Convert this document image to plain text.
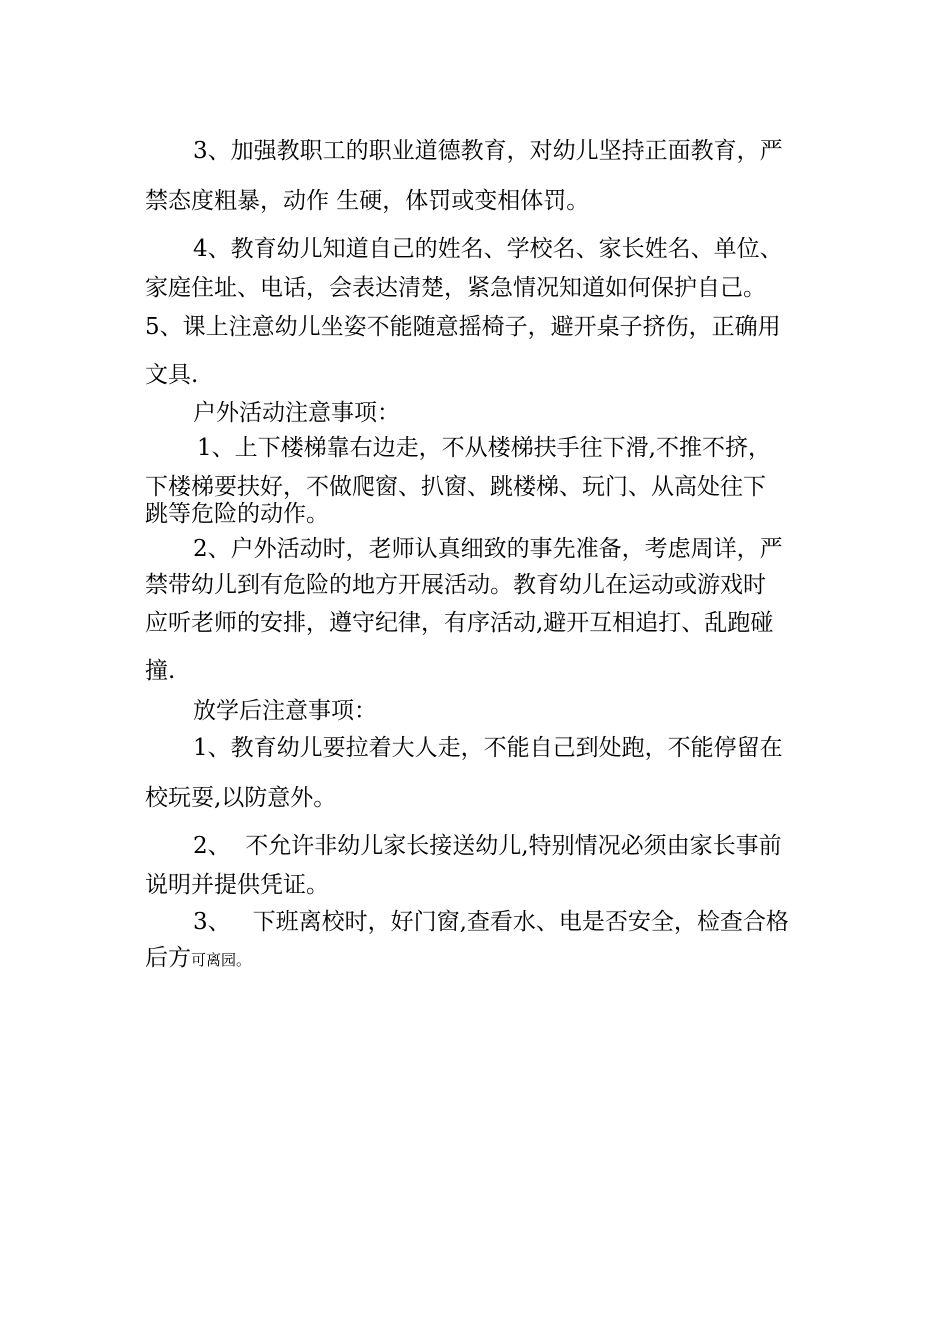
3、加强教职工的职业道德教育，对幼儿坚持正面教育，严
禁态度粗暴，动作 生硬，体罚或变相体罚。
4、教育幼儿知道自己的姓名、学校名、家长姓名、单位、
家庭住址、电话，会表达清楚，紧急情况知道如何保护自己。
5、课上注意幼儿坐姿不能随意摇椅子，避开桌子挤伤，正确用
文具.
户外活动注意事项：
1、上下楼梯靠右边走，不从楼梯扶手往下滑,不推不挤，
下楼梯要扶好，不做爬窗、扒窗、跳楼梯、玩门、从高处往下
跳等危险的动作。
2、户外活动时，老师认真细致的事先准备，考虑周详，严
禁带幼儿到有危险的地方开展活动。教育幼儿在运动或游戏时
应听老师的安排，遵守纪律，有序活动,避开互相追打、乱跑碰
撞.
放学后注意事项：
1、教育幼儿要拉着大人走，不能自己到处跑，不能停留在
校玩耍,以防意外。
2、  不允许非幼儿家长接送幼儿,特别情况必须由家长事前
说明并提供凭证。
3、   下班离校时，好门窗,查看水、电是否安全，检查合格
后方可离园。
